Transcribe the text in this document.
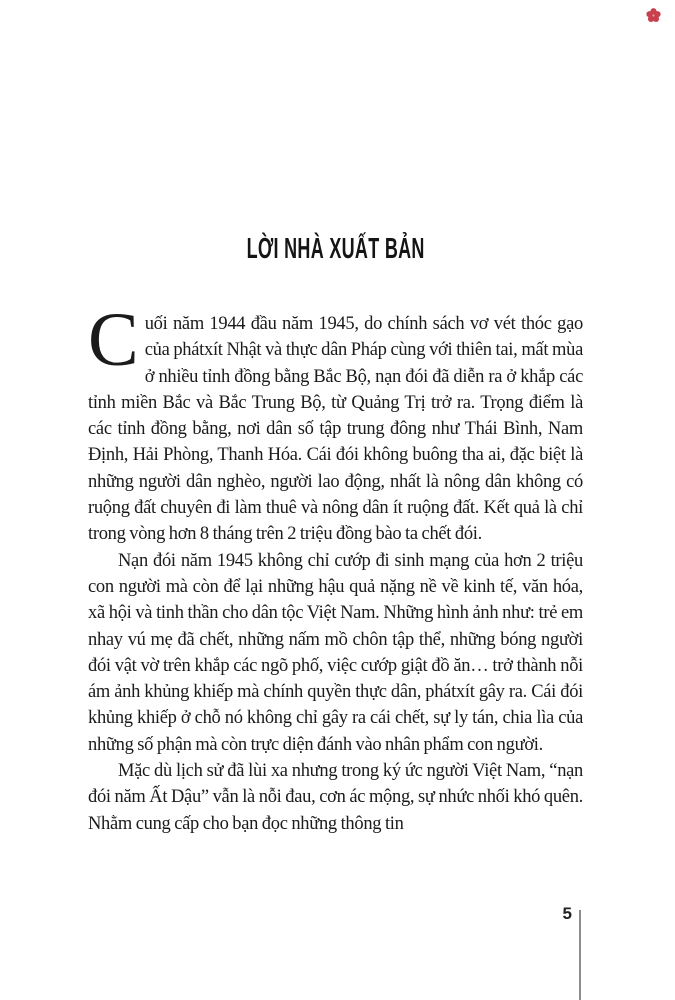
LỜI NHÀ XUẤT BẢN

Cuối năm 1944 đầu năm 1945, do chính sách vơ vét thóc gạo của phátxít Nhật và thực dân Pháp cùng với thiên tai, mất mùa ở nhiều tỉnh đồng bằng Bắc Bộ, nạn đói đã diễn ra ở khắp các tỉnh miền Bắc và Bắc Trung Bộ, từ Quảng Trị trở ra. Trọng điểm là các tỉnh đồng bằng, nơi dân số tập trung đông như Thái Bình, Nam Định, Hải Phòng, Thanh Hóa. Cái đói không buông tha ai, đặc biệt là những người dân nghèo, người lao động, nhất là nông dân không có ruộng đất chuyên đi làm thuê và nông dân ít ruộng đất. Kết quả là chỉ trong vòng hơn 8 tháng trên 2 triệu đồng bào ta chết đói.

Nạn đói năm 1945 không chỉ cướp đi sinh mạng của hơn 2 triệu con người mà còn để lại những hậu quả nặng nề về kinh tế, văn hóa, xã hội và tinh thần cho dân tộc Việt Nam. Những hình ảnh như: trẻ em nhay vú mẹ đã chết, những nấm mồ chôn tập thể, những bóng người đói vật vờ trên khắp các ngõ phố, việc cướp giật đồ ăn… trở thành nỗi ám ảnh khủng khiếp mà chính quyền thực dân, phátxít gây ra. Cái đói khủng khiếp ở chỗ nó không chỉ gây ra cái chết, sự ly tán, chia lìa của những số phận mà còn trực diện đánh vào nhân phẩm con người.

Mặc dù lịch sử đã lùi xa nhưng trong ký ức người Việt Nam, “nạn đói năm Ất Dậu” vẫn là nỗi đau, cơn ác mộng, sự nhức nhối khó quên. Nhằm cung cấp cho bạn đọc những thông tin

5
